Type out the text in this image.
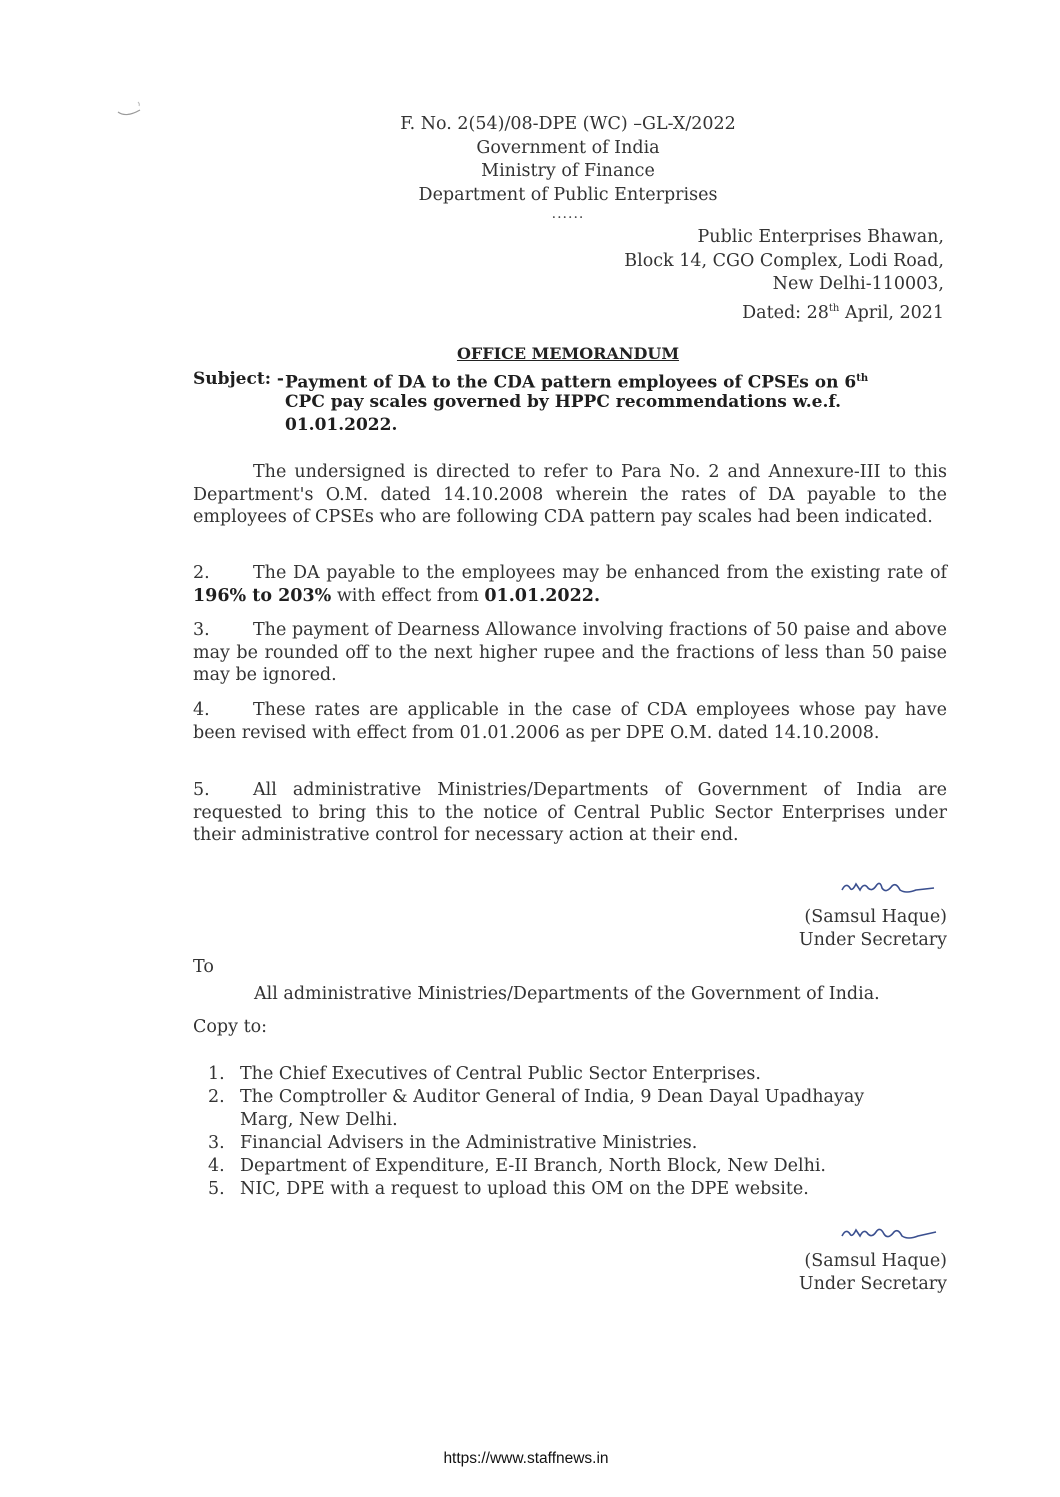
F. No. 2(54)/08-DPE (WC) –GL-X/2022
Government of India
Ministry of Finance
Department of Public Enterprises
......
Public Enterprises Bhawan,
Block 14, CGO Complex, Lodi Road,
New Delhi-110003,
Dated: 28th April, 2021
OFFICE MEMORANDUM
Subject: - Payment of DA to the CDA pattern employees of CPSEs on 6th
CPC pay scales governed by HPPC recommendations w.e.f.
01.01.2022.
The undersigned is directed to refer to Para No. 2 and Annexure-III to this Department's O.M. dated 14.10.2008 wherein the rates of DA payable to the employees of CPSEs who are following CDA pattern pay scales had been indicated.
2. The DA payable to the employees may be enhanced from the existing rate of 196% to 203% with effect from 01.01.2022.
3. The payment of Dearness Allowance involving fractions of 50 paise and above may be rounded off to the next higher rupee and the fractions of less than 50 paise may be ignored.
4. These rates are applicable in the case of CDA employees whose pay have been revised with effect from 01.01.2006 as per DPE O.M. dated 14.10.2008.
5. All administrative Ministries/Departments of Government of India are requested to bring this to the notice of Central Public Sector Enterprises under their administrative control for necessary action at their end.
(Samsul Haque)
Under Secretary
To
All administrative Ministries/Departments of the Government of India.
Copy to:
1. The Chief Executives of Central Public Sector Enterprises.
2. The Comptroller & Auditor General of India, 9 Dean Dayal Upadhayay
Marg, New Delhi.
3. Financial Advisers in the Administrative Ministries.
4. Department of Expenditure, E-II Branch, North Block, New Delhi.
5. NIC, DPE with a request to upload this OM on the DPE website.
(Samsul Haque)
Under Secretary
https://www.staffnews.in
